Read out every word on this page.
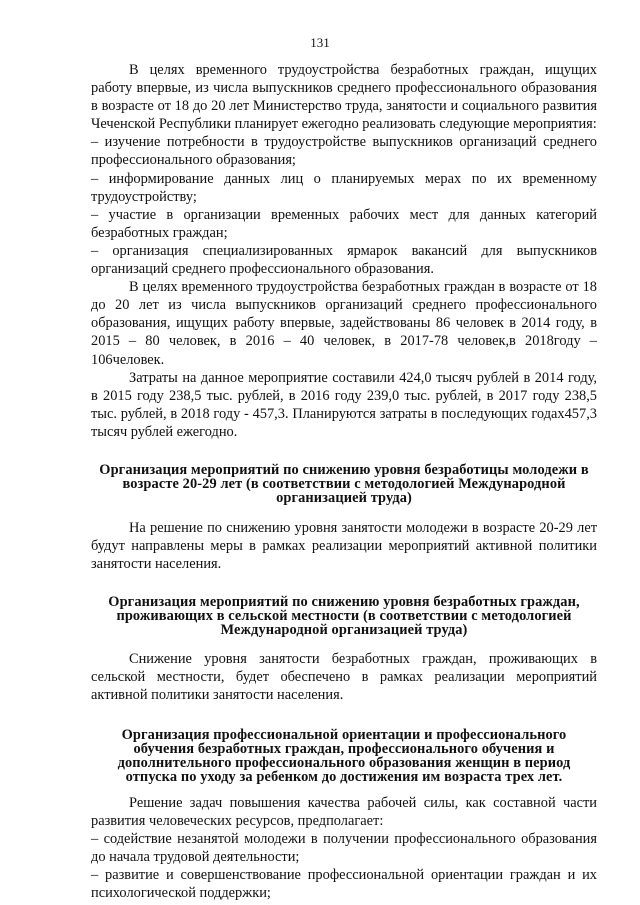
131

В целях временного трудоустройства безработных граждан, ищущих работу впервые, из числа выпускников среднего профессионального образования в возрасте от 18 до 20 лет Министерство труда, занятости и социального развития Чеченской Республики планирует ежегодно реализовать следующие мероприятия:

– изучение потребности в трудоустройстве выпускников организаций среднего профессионального образования;

– информирование данных лиц о планируемых мерах по их временному трудоустройству;

– участие в организации временных рабочих мест для данных категорий безработных граждан;

– организация специализированных ярмарок вакансий для выпускников организаций среднего профессионального образования.

В целях временного трудоустройства безработных граждан в возрасте от 18 до 20 лет из числа выпускников организаций среднего профессионального образования, ищущих работу впервые, задействованы 86 человек в 2014 году, в 2015 – 80 человек, в 2016 – 40 человек, в 2017-78 человек,в 2018году – 106человек.

Затраты на данное мероприятие составили 424,0 тысяч рублей в 2014 году, в 2015 году 238,5 тыс. рублей, в 2016 году 239,0 тыс. рублей, в 2017 году 238,5 тыс. рублей, в 2018 году - 457,3. Планируются затраты в последующих годах457,3 тысяч рублей ежегодно.

Организация мероприятий по снижению уровня безработицы молодежи в возрасте 20-29 лет (в соответствии с методологией Международной организацией труда)

На решение по снижению уровня занятости молодежи в возрасте 20-29 лет будут направлены меры в рамках реализации мероприятий активной политики занятости населения.

Организация мероприятий по снижению уровня безработных граждан, проживающих в сельской местности (в соответствии с методологией Международной организацией труда)

Снижение уровня занятости безработных граждан, проживающих в сельской местности, будет обеспечено в рамках реализации мероприятий активной политики занятости населения.

Организация профессиональной ориентации и профессионального обучения безработных граждан, профессионального обучения и дополнительного профессионального образования женщин в период отпуска по уходу за ребенком до достижения им возраста трех лет.

Решение задач повышения качества рабочей силы, как составной части развития человеческих ресурсов, предполагает:

– содействие незанятой молодежи в получении профессионального образования до начала трудовой деятельности;

– развитие и совершенствование профессиональной ориентации граждан и их психологической поддержки;
